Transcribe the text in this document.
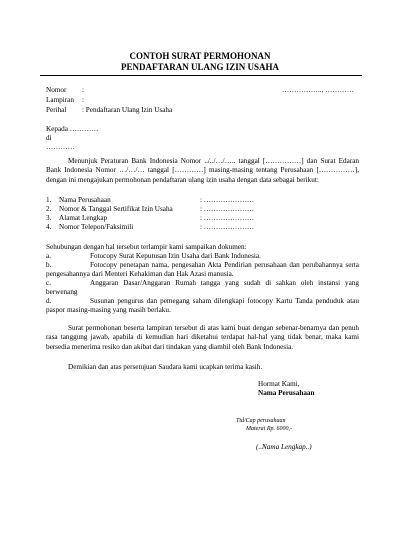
CONTOH SURAT PERMOHONAN
PENDAFTARAN ULANG IZIN USAHA
Nomor :	…………….., …………
Lampiran :
Perihal : Pendaftaran Ulang Izin Usaha
Kepada …………
di
…………
Menunjuk Peraturan Bank Indonesia Nomor ../../…/….. tanggal [……………] dan Surat Edaran Bank Indonesia Nomor …/…/… tanggal […………] masing-masing tentang Perusahaan [……………], dengan ini mengajukan permohonan pendaftaran ulang izin usaha dengan data sebagai berikut:
1. Nama Perusahaan	: …………………
2. Nomor & Tanggal Sertifikat Izin Usaha	: …………………
3. Alamat Lengkap	: …………………
4. Nomor Telepon/Faksimili	: …………………
Sehubungan dengan hal tersebut terlampir kami sampaikan dokumen:
a.	Fotocopy Surat Keputusan Izin Usaha dari Bank Indonesia.
b.	Fotocopy penetapan nama, pengesahan Akta Pendirian perusahaan dan perubahannya serta pengesahannya dari Menteri Kehakiman dan Hak Azasi manusia.
c.	Anggaran Dasar/Anggaran Rumah tangga yang sudah di sahkan oleh instansi yang berwenang
d.	Susunan pengurus dan pemegang saham dilengkapi fotocopy Kartu Tanda penduduk atau paspor masing-masing yang masih berlaku.
Surat permohonan beserta lampiran tersebut di atas kami buat dengan sebenar-benarnya dan penuh rasa tanggung jawab, apabila di kemudian hari diketahui terdapat hal-hal yang tidak benar, maka kami bersedia menerima resiko dan akibat dari tindakan yang diambil oleh Bank Indonesia.
Demikian dan atas persetujuan Saudara kami ucapkan terima kasih.
Hormat Kami,
Nama Perusahaan
Ttd/Cap perusahaan
Materai Rp. 6000,-
(..Nama Lengkap..)
